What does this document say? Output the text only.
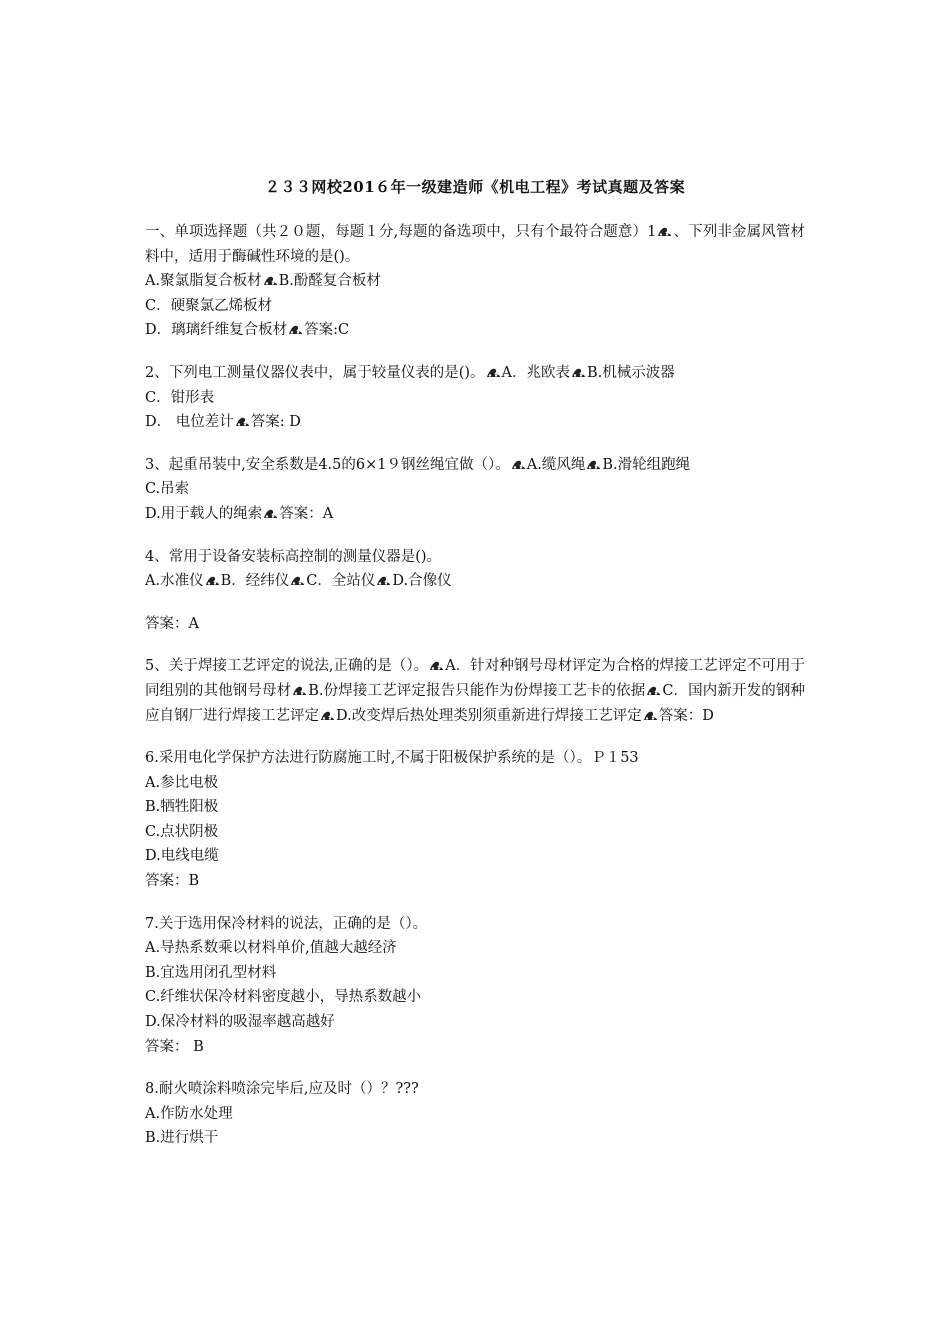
２３３网校201６年一级建造师《机电工程》考试真题及答案
一、单项选择题（共２０题，每题１分,每题的备选项中，只有个最符合题意）1 、下列非金属风管材料中，适用于酶碱性环境的是()。
A.聚氯脂复合板材 B.酚醛复合板材
C．硬聚氯乙烯板材
D．璃璃纤维复合板材 答案:C
2、下列电工测量仪器仪表中，属于较量仪表的是()。 A．兆欧表 B.机械示波器
C．钳形表
D． 电位差计 答案: D
3、起重吊装中,安全系数是4.5的6×1９钢丝绳宜做（）。 A.缆风绳 B.滑轮组跑绳
C.吊索
D.用于载人的绳索 答案：A
4、常用于设备安装标高控制的测量仪器是()。
A.水准仪 B．经纬仪 C．全站仪 D.合像仪
答案：A
5、关于焊接工艺评定的说法,正确的是（）。 A．针对种钢号母材评定为合格的焊接工艺评定不可用于同组别的其他钢号母材 B.份焊接工艺评定报告只能作为份焊接工艺卡的依据 C．国内新开发的钢种应自钢厂进行焊接工艺评定 D.改变焊后热处理类别须重新进行焊接工艺评定 答案：D
6.采用电化学保护方法进行防腐施工时,不属于阳极保护系统的是（）。Ｐ１53
A.参比电极
B.牺牲阳极
C.点状阴极
D.电线电缆
答案：B
7.关于选用保冷材料的说法，正确的是（）。
A.导热系数乘以材料单价,值越大越经济
B.宜选用闭孔型材料
C.纤维状保冷材料密度越小，导热系数越小
D.保冷材料的吸湿率越高越好
答案： B
8.耐火喷涂料喷涂完毕后,应及时（）？???
A.作防水处理
B.进行烘干
